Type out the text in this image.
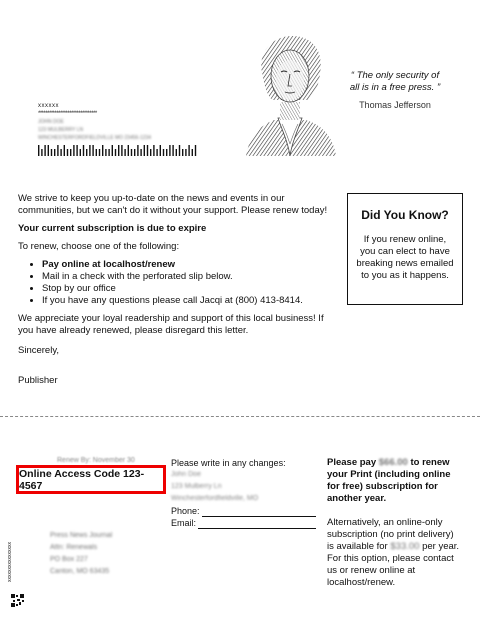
xxxxxx
********************************
JOHN DOE
123 MULBERRY LN
WINCHESTERFORDFIELDVILLE MO 23456-1234
“ The only security of
all is in a free press. ”
Thomas Jefferson

We strive to keep you up-to-date on the news and events in our communities, but we can't do it without your support. Please renew today!

Your current subscription is due to expire

To renew, choose one of the following:

• Pay online at localhost/renew
• Mail in a check with the perforated slip below.
• Stop by our office
• If you have any questions please call Jacqi at (800) 413-8414.

We appreciate your loyal readership and support of this local business! If you have already renewed, please disregard this letter.

Sincerely,

Publisher

Did You Know?
If you renew online, you can elect to have breaking news emailed to you as it happens.
Renew By: November 30
Online Access Code 123-4567
xxxxxxxxxxxxxxxx
Press News Journal
Attn: Renewals
PO Box 227
Canton, MO 63435
Please write in any changes:
John Doe
123 Mulberry Ln
Winchesterfordfieldville, MO
Phone:
Email:
Please pay $66.00 to renew your Print (including online for free) subscription for another year.
Alternatively, an online-only subscription (no print delivery) is available for $33.00 per year. For this option, please contact us or renew online at localhost/renew.
